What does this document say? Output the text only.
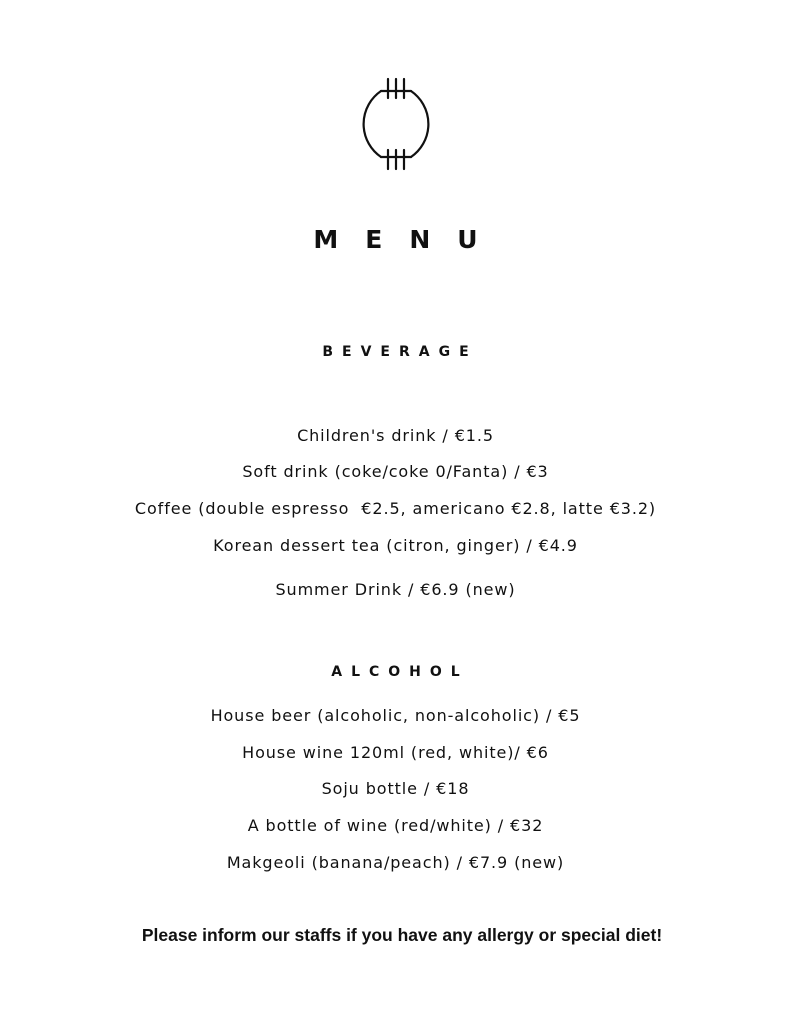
MENU
BEVERAGE
Children's drink / €1.5
Soft drink (coke/coke 0/Fanta) / €3
Coffee (double espresso  €2.5, americano €2.8, latte €3.2)
Korean dessert tea (citron, ginger) / €4.9
Summer Drink / €6.9 (new)
ALCOHOL
House beer (alcoholic, non-alcoholic) / €5
House wine 120ml (red, white)/ €6
Soju bottle / €18
A bottle of wine (red/white) / €32
Makgeoli (banana/peach) / €7.9 (new)
Please inform our staffs if you have any allergy or special diet!
